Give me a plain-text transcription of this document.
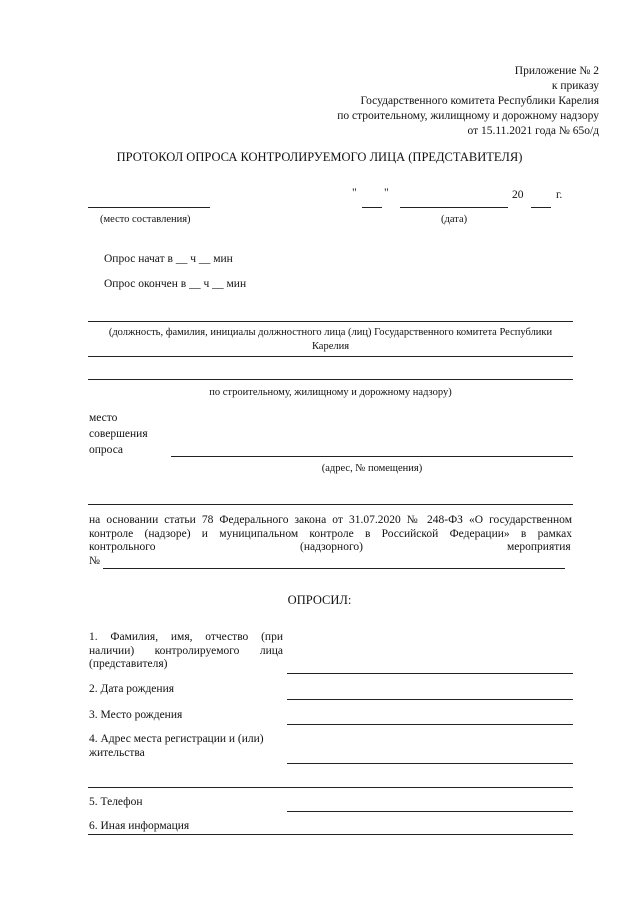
Приложение № 2
к приказу
Государственного комитета Республики Карелия
по строительному, жилищному и дорожному надзору
от 15.11.2021 года № 65о/д
ПРОТОКОЛ ОПРОСА КОНТРОЛИРУЕМОГО ЛИЦА (ПРЕДСТАВИТЕЛЯ)
" "	20	г.
(место составления)	(дата)
Опрос начат в __ ч __ мин
Опрос окончен в __ ч __ мин
(должность, фамилия, инициалы должностного лица (лиц) Государственного комитета Республики
Карелия
по строительному, жилищному и дорожному надзору)
место
совершения
опроса
(адрес, № помещения)
на основании статьи 78 Федерального закона от 31.07.2020 № 248-ФЗ «О государственном
контроле (надзоре) и муниципальном контроле в Российской Федерации» в рамках
контрольного	(надзорного)	мероприятия
№
ОПРОСИЛ:
1. Фамилия, имя, отчество (при
наличии) контролируемого лица
(представителя)
2. Дата рождения
3. Место рождения
4. Адрес места регистрации и (или)
жительства
5. Телефон
6. Иная информация
